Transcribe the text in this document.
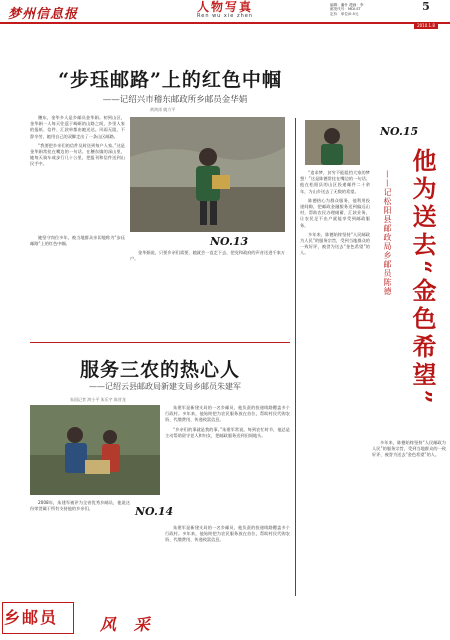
梦州信息报	人物写真
Ren wu xie zhen
编辑：潘什 漫画：李
邮发代号：MDI-ST
定价：单位/0.5元
5
2010.1.8
“步珏邮路”上的红色中帼
——记绍兴市稽东邮政所乡邮员金华娟
黄鸿涛 姚力平

稽东，金华多人是乡邮员金华娟。初到山区，金华娟一人每天往返于崎岖的山路之间，乡里人家的报纸、信件、汇款单都由她送达。风雨无阻，不辞辛劳，她用自己的双脚走出了一条山区邮路。

“我要把乡亲们的信件及时送到每户人家。”这是金华娟常挂在嘴边的一句话。在稽东镇的深山里，她每天骑车或步行几十公里，把报刊和信件送到山民手中。

她坚守岗位多年，被当地群众亲切地称为“步珏邮路”上的红色中帼。	NO.13

金华娟说，只要乡亲们需要，她就会一直走下去，把党和政府的声音送进千家万户。

服务三农的热心人
——记绍云县邮政局新建支局乡邮员朱建军
朱国记者 鸿小平 朱乐宇 陈晋龙
NO.14

朱建军是新建支局的一名乡邮员，他负责的投递线路覆盖多个行政村。多年来，他始终把为农民服务放在首位，帮助村民代购农资、代缴费用、传递致富信息。

“乡亲们的事就是我的事。”朱建军常说。每到农忙时节，他总是主动帮助留守老人和妇女，把邮政服务送到田间地头。

2008年，朱建军被评为全省优秀乡邮员，他说这份荣誉属于所有支持他的乡亲们。

朱建军是新建支局的一名乡邮员，他负责的投递线路覆盖多个行政村。多年来，他始终把为农民服务放在首位，帮助村民代购农资、代缴费用、传递致富信息。

NO.15

“追求梦，贫穷不能阻挡大家的梦想！”这是陈德常挂在嘴边的一句话。他在松阳县的山区投递邮件二十余年，为山乡送去了无数的希望。

陈德热心为群众服务，他利用投递间隙，把邮政金融服务送到偏远山村，帮助农民办理储蓄、汇款业务，让农民足不出户就能享受到邮政服务。

多年来，陈德始终坚持“人民邮政为人民”的服务宗旨，受到当地群众的一致好评，被誉为送去“金色希望”的人。	他为送去“金色希望”
——记松阳县邮政局乡邮员陈德

多年来，陈德始终坚持“人民邮政为人民”的服务宗旨，受到当地群众的一致好评，被誉为送去“金色希望”的人。

乡邮员	风 采
